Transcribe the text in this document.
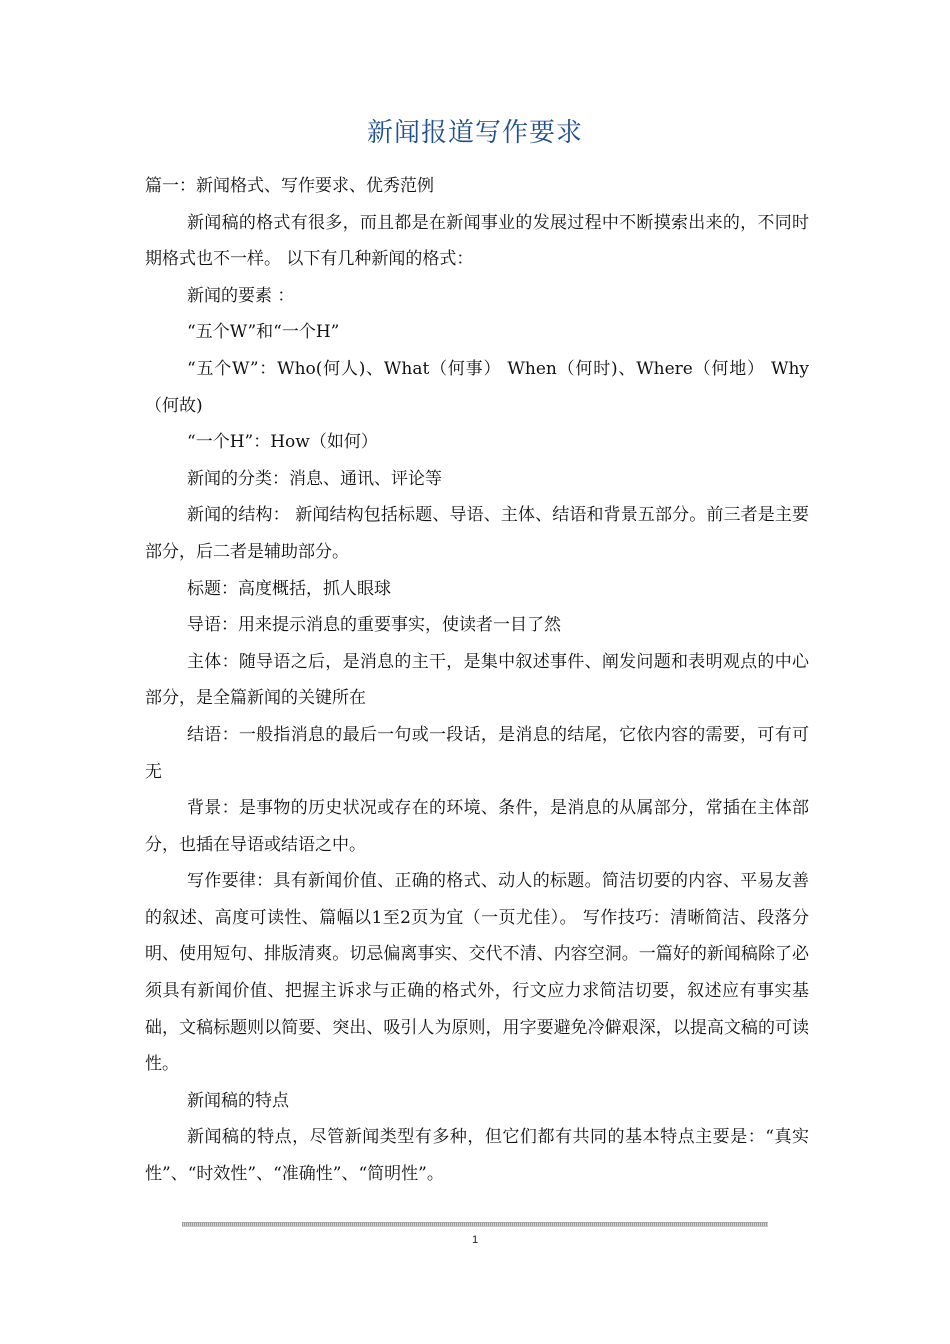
新闻报道写作要求

篇一：新闻格式、写作要求、优秀范例

新闻稿的格式有很多，而且都是在新闻事业的发展过程中不断摸索出来的，不同时期格式也不一样。 以下有几种新闻的格式：

新闻的要素 ：

“五个W”和“一个H”

“五个W”：Who(何人)、What（何事） When（何时)、Where（何地） Why（何故)

“一个H”：How（如何）

新闻的分类：消息、通讯、评论等

新闻的结构： 新闻结构包括标题、导语、主体、结语和背景五部分。前三者是主要部分，后二者是辅助部分。

标题：高度概括，抓人眼球

导语：用来提示消息的重要事实，使读者一目了然

主体：随导语之后，是消息的主干，是集中叙述事件、阐发问题和表明观点的中心部分，是全篇新闻的关键所在

结语：一般指消息的最后一句或一段话，是消息的结尾，它依内容的需要，可有可无

背景：是事物的历史状况或存在的环境、条件，是消息的从属部分，常插在主体部分，也插在导语或结语之中。

写作要律：具有新闻价值、正确的格式、动人的标题。简洁切要的内容、平易友善的叙述、高度可读性、篇幅以1至2页为宜（一页尤佳）。 写作技巧：清晰简洁、段落分明、使用短句、排版清爽。切忌偏离事实、交代不清、内容空洞。一篇好的新闻稿除了必须具有新闻价值、把握主诉求与正确的格式外，行文应力求简洁切要，叙述应有事实基础，文稿标题则以简要、突出、吸引人为原则，用字要避免冷僻艰深，以提高文稿的可读性。

新闻稿的特点

新闻稿的特点，尽管新闻类型有多种，但它们都有共同的基本特点主要是：“真实性”、“时效性”、“准确性”、“简明性”。

1
